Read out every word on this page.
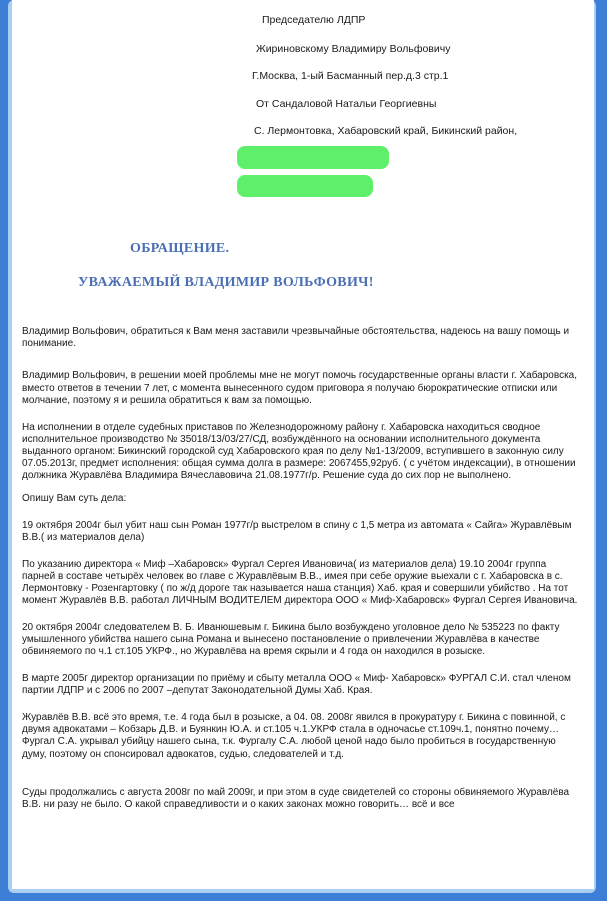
Председателю ЛДПР
Жириновскому Владимиру Вольфовичу
Г.Москва, 1-ый Басманный пер.д.3 стр.1
От Сандаловой Натальи Георгиевны
С. Лермонтовка, Хабаровский край, Бикинский район,
ОБРАЩЕНИЕ.
УВАЖАЕМЫЙ ВЛАДИМИР ВОЛЬФОВИЧ!

Владимир Вольфович, обратиться к Вам меня заставили чрезвычайные обстоятельства, надеюсь на вашу помощь и понимание.

Владимир Вольфович, в решении моей проблемы мне не могут помочь государственные органы власти г. Хабаровска, вместо ответов в течении 7 лет, с момента вынесенного судом приговора я получаю бюрократические отписки или молчание, поэтому я и решила обратиться к вам за помощью.

На исполнении в отделе судебных приставов по Железнодорожному району г. Хабаровска находиться сводное исполнительное производство № 35018/13/03/27/СД, возбуждённого на основании исполнительного документа выданного органом: Бикинский городской суд Хабаровского края по делу №1-13/2009, вступившего в законную силу 07.05.2013г, предмет исполнения: общая сумма долга в размере: 2067455,92руб. ( с учётом индексации), в отношении должника Журавлёва Владимира Вячеславовича 21.08.1977г/р. Решение суда до сих пор не выполнено.

Опишу Вам суть дела:

19 октября 2004г был убит наш сын Роман 1977г/р выстрелом в спину с 1,5 метра из автомата « Сайга» Журавлёвым В.В.( из материалов дела)

По указанию директора « Миф –Хабаровск» Фургал Сергея Ивановича( из материалов дела) 19.10 2004г группа парней в составе четырёх человек во главе с Журавлёвым В.В., имея при себе оружие выехали с г. Хабаровска в с. Лермонтовку - Розенгартовку ( по ж/д дороге так называется наша станция) Хаб. края и совершили убийство . На тот момент Журавлёв В.В. работал ЛИЧНЫМ ВОДИТЕЛЕМ директора ООО « Миф-Хабаровск» Фургал Сергея Ивановича.

20 октября 2004г следователем В. Б. Иванюшевым г. Бикина было возбуждено уголовное дело № 535223 по факту умышленного убийства нашего сына Романа и вынесено постановление о привлечении Журавлёва в качестве обвиняемого по ч.1 ст.105 УКРФ., но Журавлёва на время скрыли и 4 года он находился в розыске.

В марте 2005г директор организации по приёму и сбыту металла ООО « Миф- Хабаровск» ФУРГАЛ С.И. стал членом партии ЛДПР и с 2006 по 2007 –депутат Законодательной Думы Хаб. Края.

Журавлёв В.В. всё это время, т.е. 4 года был в розыске, а 04. 08. 2008г явился в прокуратуру г. Бикина с повинной, с двумя адвокатами – Кобзарь Д.В. и Буянкин Ю.А. и ст.105 ч.1.УКРФ стала в одночасье ст.109ч.1, понятно почему…Фургал С.А. укрывал убийцу нашего сына, т.к. Фургалу С.А. любой ценой надо было пробиться в государственную думу, поэтому он спонсировал адвокатов, судью, следователей и т.д.

Суды продолжались с августа 2008г по май 2009г, и при этом в суде свидетелей со стороны обвиняемого Журавлёва В.В. ни разу не было. О какой справедливости и о каких законах можно говорить… всё и все
